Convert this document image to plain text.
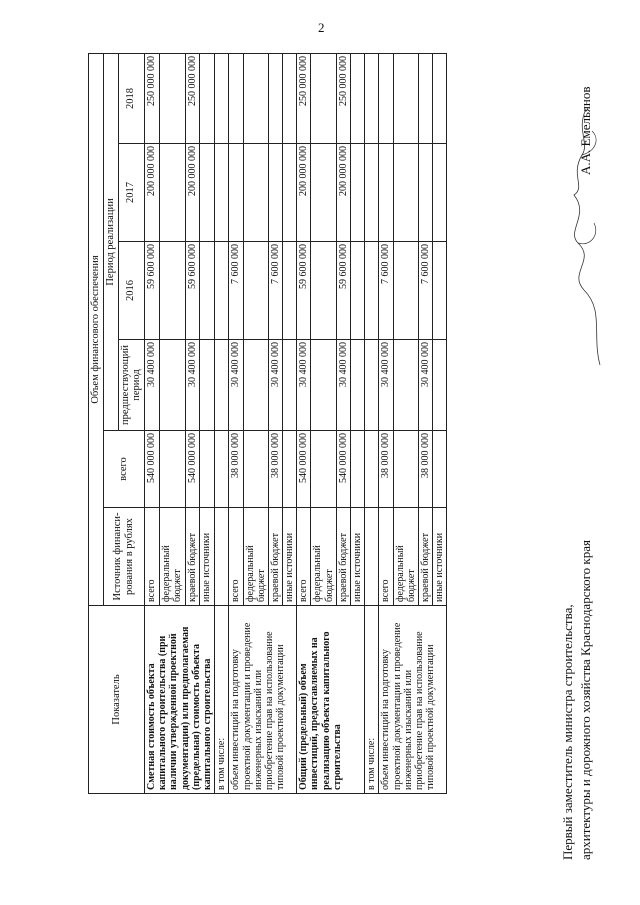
2
Показатель	Объем финансового обеспечения					
	Источник финанси-рования в рублях	всего	Период реализации			
			предшествующий период	2016	2017	2018
Сметная стоимость объекта капитального строительства (при наличии утвержденной проектной документации) или предполагаемая (предельная) стоимость объекта капитального строительства	всего	540 000 000	30 400 000	59 600 000	200 000 000	250 000 000
	федеральный бюджет					
	краевой бюджет	540 000 000	30 400 000	59 600 000	200 000 000	250 000 000
	иные источники					
в том числе:						
объем инвестиций на подготовку проектной документации и проведение инженерных изысканий или приобретение прав на использование типовой проектной документации	всего	38 000 000	30 400 000	7 600 000		
	федеральный бюджет					
	краевой бюджет	38 000 000	30 400 000	7 600 000		
	иные источники					
Общий (предельный) объем инвестиций, предоставляемых на реализацию объекта капитального строительства	всего	540 000 000	30 400 000	59 600 000	200 000 000	250 000 000
	федеральный бюджет					
	краевой бюджет	540 000 000	30 400 000	59 600 000	200 000 000	250 000 000
	иные источники					
в том числе:						
объем инвестиций на подготовку проектной документации и проведение инженерных изысканий или приобретение прав на использование типовой проектной документации	всего	38 000 000	30 400 000	7 600 000		
	федеральный бюджет					
	краевой бюджет	38 000 000	30 400 000	7 600 000		
	иные источники					
Первый заместитель министра строительства, архитектуры и дорожного хозяйства Краснодарского края
А.А. Емельянов
